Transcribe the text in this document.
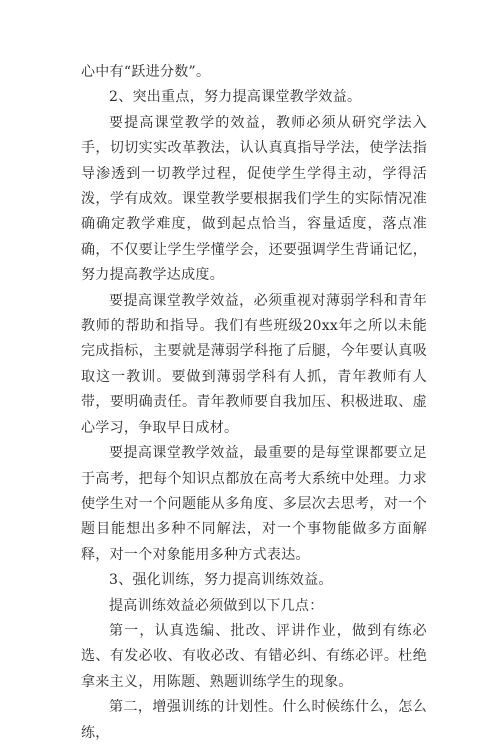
心中有“跃进分数”。

2、突出重点，努力提高课堂教学效益。

要提高课堂教学的效益，教师必须从研究学法入手，切切实实改革教法，认认真真指导学法，使学法指导渗透到一切教学过程，促使学生学得主动，学得活泼，学有成效。课堂教学要根据我们学生的实际情况准确确定教学难度，做到起点恰当，容量适度，落点准确，不仅要让学生学懂学会，还要强调学生背诵记忆，努力提高教学达成度。

要提高课堂教学效益，必须重视对薄弱学科和青年教师的帮助和指导。我们有些班级20xx年之所以未能完成指标，主要就是薄弱学科拖了后腿，今年要认真吸取这一教训。要做到薄弱学科有人抓，青年教师有人带，要明确责任。青年教师要自我加压、积极进取、虚心学习，争取早日成材。

要提高课堂教学效益，最重要的是每堂课都要立足于高考，把每个知识点都放在高考大系统中处理。力求使学生对一个问题能从多角度、多层次去思考，对一个题目能想出多种不同解法，对一个事物能做多方面解释，对一个对象能用多种方式表达。

3、强化训练，努力提高训练效益。

提高训练效益必须做到以下几点：

第一，认真选编、批改、评讲作业，做到有练必选、有发必收、有收必改、有错必纠、有练必评。杜绝拿来主义，用陈题、熟题训练学生的现象。

第二，增强训练的计划性。什么时候练什么，怎么练，
